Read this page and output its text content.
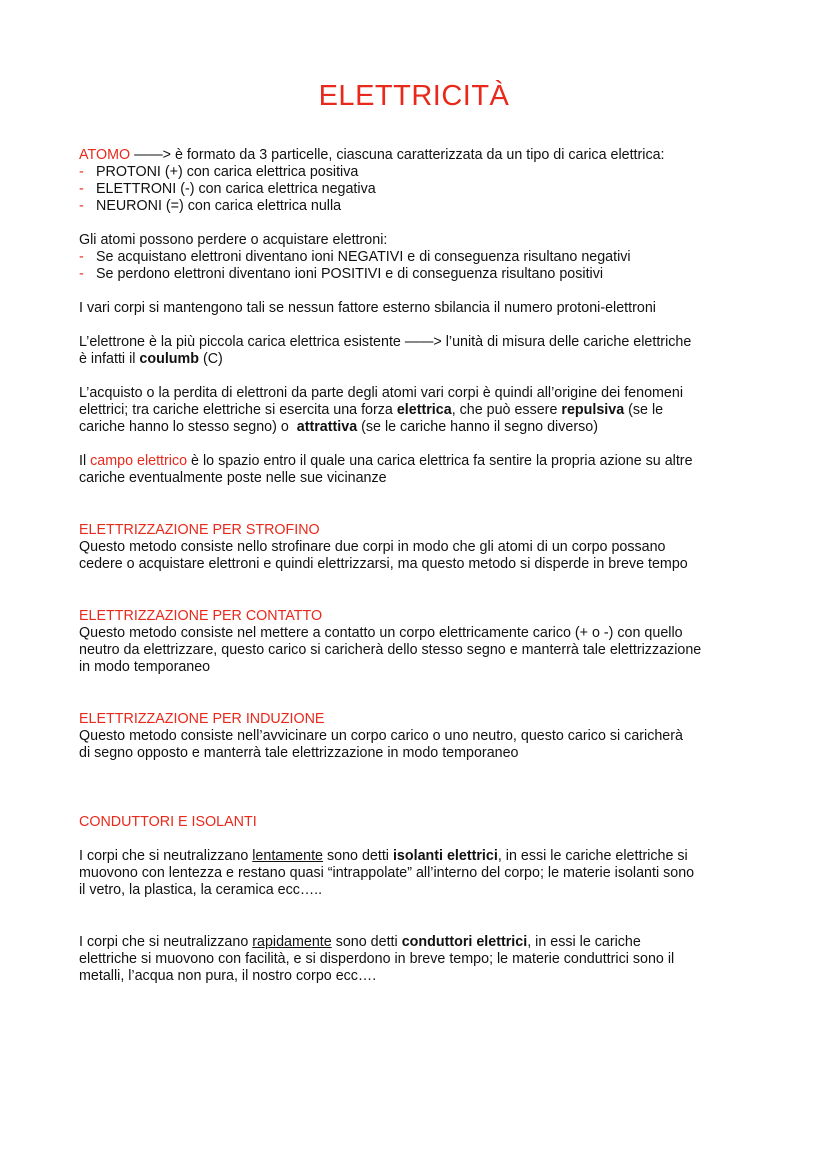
ELETTRICITÀ

ATOMO ——> è formato da 3 particelle, ciascuna caratterizzata da un tipo di carica elettrica:

- PROTONI (+) con carica elettrica positiva

- ELETTRONI (-) con carica elettrica negativa

- NEURONI (=) con carica elettrica nulla

Gli atomi possono perdere o acquistare elettroni:

- Se acquistano elettroni diventano ioni NEGATIVI e di conseguenza risultano negativi

- Se perdono elettroni diventano ioni POSITIVI e di conseguenza risultano positivi

I vari corpi si mantengono tali se nessun fattore esterno sbilancia il numero protoni-elettroni

L’elettrone è la più piccola carica elettrica esistente ——> l’unità di misura delle cariche elettriche

è infatti il coulumb (C)

L’acquisto o la perdita di elettroni da parte degli atomi vari corpi è quindi all’origine dei fenomeni

elettrici; tra cariche elettriche si esercita una forza elettrica, che può essere repulsiva (se le

cariche hanno lo stesso segno) o  attrattiva (se le cariche hanno il segno diverso)

Il campo elettrico è lo spazio entro il quale una carica elettrica fa sentire la propria azione su altre

cariche eventualmente poste nelle sue vicinanze

ELETTRIZZAZIONE PER STROFINO

Questo metodo consiste nello strofinare due corpi in modo che gli atomi di un corpo possano

cedere o acquistare elettroni e quindi elettrizzarsi, ma questo metodo si disperde in breve tempo

ELETTRIZZAZIONE PER CONTATTO

Questo metodo consiste nel mettere a contatto un corpo elettricamente carico (+ o -) con quello

neutro da elettrizzare, questo carico si caricherà dello stesso segno e manterrà tale elettrizzazione

in modo temporaneo

ELETTRIZZAZIONE PER INDUZIONE

Questo metodo consiste nell’avvicinare un corpo carico o uno neutro, questo carico si caricherà

di segno opposto e manterrà tale elettrizzazione in modo temporaneo

CONDUTTORI E ISOLANTI

I corpi che si neutralizzano lentamente sono detti isolanti elettrici, in essi le cariche elettriche si

muovono con lentezza e restano quasi “intrappolate” all’interno del corpo; le materie isolanti sono

il vetro, la plastica, la ceramica ecc…..

I corpi che si neutralizzano rapidamente sono detti conduttori elettrici, in essi le cariche

elettriche si muovono con facilità, e si disperdono in breve tempo; le materie conduttrici sono il

metalli, l’acqua non pura, il nostro corpo ecc….
